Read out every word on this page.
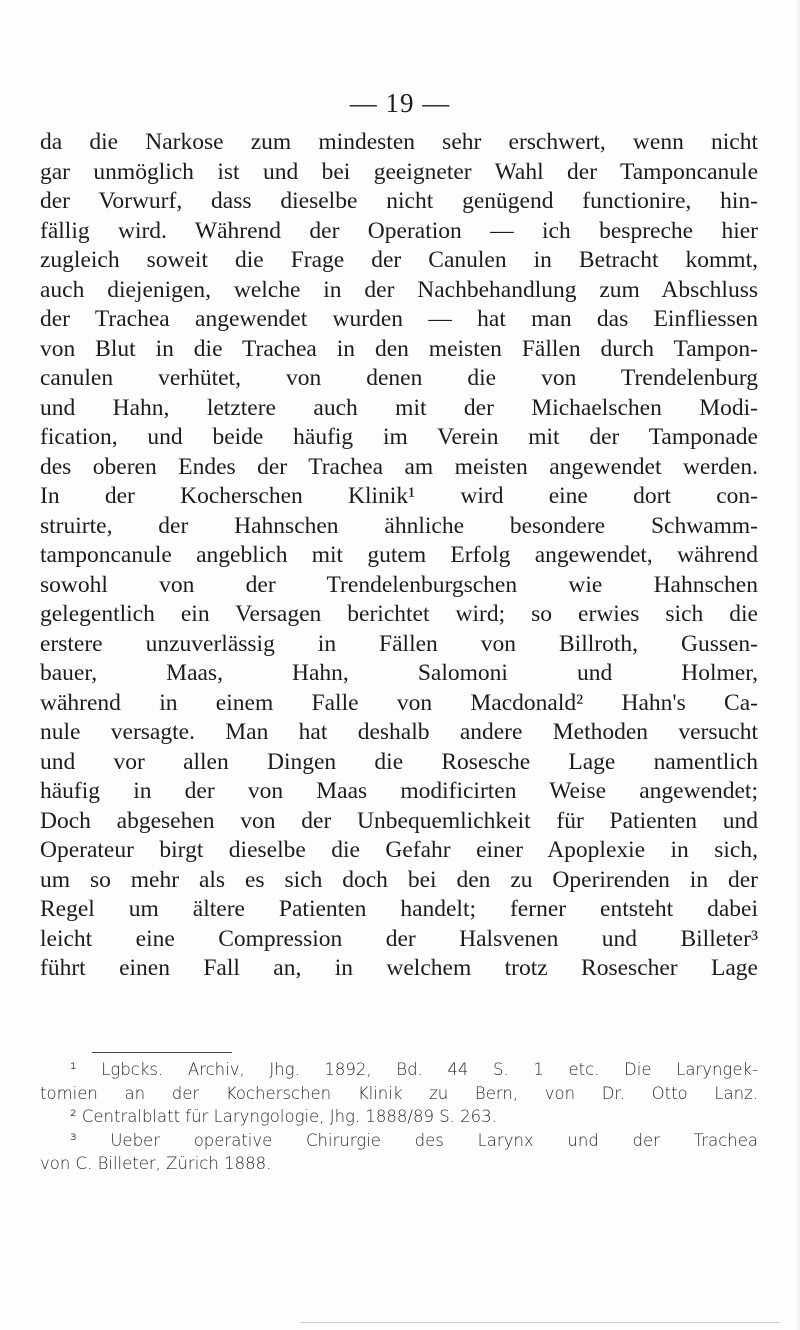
— 19 —
da die Narkose zum mindesten sehr erschwert, wenn nicht
gar unmöglich ist und bei geeigneter Wahl der Tamponcanule
der Vorwurf, dass dieselbe nicht genügend functionire, hin-
fällig wird. Während der Operation — ich bespreche hier
zugleich soweit die Frage der Canulen in Betracht kommt,
auch diejenigen, welche in der Nachbehandlung zum Abschluss
der Trachea angewendet wurden — hat man das Einfliessen
von Blut in die Trachea in den meisten Fällen durch Tampon-
canulen verhütet, von denen die von Trendelenburg
und Hahn, letztere auch mit der Michaelschen Modi-
fication, und beide häufig im Verein mit der Tamponade
des oberen Endes der Trachea am meisten angewendet werden.
In der Kocherschen Klinik¹ wird eine dort con-
struirte, der Hahnschen ähnliche besondere Schwamm-
tamponcanule angeblich mit gutem Erfolg angewendet, während
sowohl von der Trendelenburgschen wie Hahnschen
gelegentlich ein Versagen berichtet wird; so erwies sich die
erstere unzuverlässig in Fällen von Billroth, Gussen-
bauer, Maas, Hahn, Salomoni und Holmer,
während in einem Falle von Macdonald² Hahn's Ca-
nule versagte. Man hat deshalb andere Methoden versucht
und vor allen Dingen die Rosesche Lage namentlich
häufig in der von Maas modificirten Weise angewendet;
Doch abgesehen von der Unbequemlichkeit für Patienten und
Operateur birgt dieselbe die Gefahr einer Apoplexie in sich,
um so mehr als es sich doch bei den zu Operirenden in der
Regel um ältere Patienten handelt; ferner entsteht dabei
leicht eine Compression der Halsvenen und Billeter³
führt einen Fall an, in welchem trotz Rosescher Lage
¹ Lgbcks. Archiv, Jhg. 1892, Bd. 44 S. 1 etc. Die Laryngek-
tomien an der Kocherschen Klinik zu Bern, von Dr. Otto Lanz.
² Centralblatt für Laryngologie, Jhg. 1888/89 S. 263.
³ Ueber operative Chirurgie des Larynx und der Trachea
von C. Billeter, Zürich 1888.
